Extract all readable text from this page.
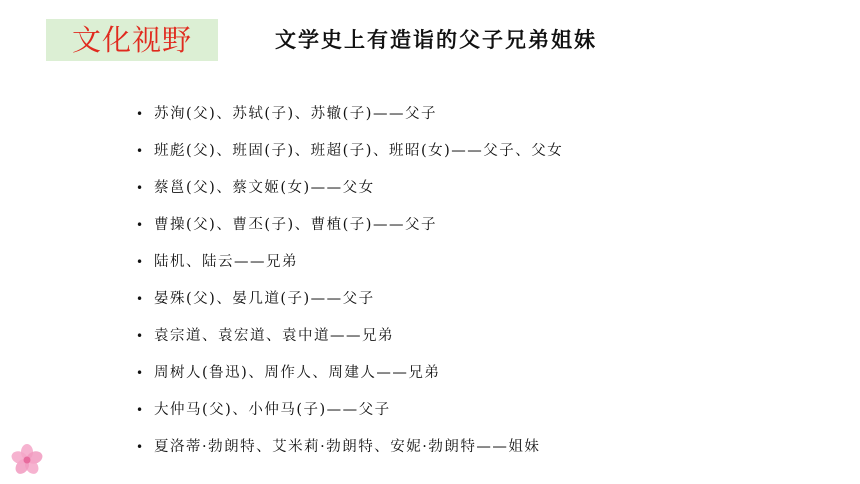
文化视野	文学史上有造诣的父子兄弟姐妹
• 苏洵(父)、苏轼(子)、苏辙(子)——父子
• 班彪(父)、班固(子)、班超(子)、班昭(女)——父子、父女
• 蔡邕(父)、蔡文姬(女)——父女
• 曹操(父)、曹丕(子)、曹植(子)——父子
• 陆机、陆云——兄弟
• 晏殊(父)、晏几道(子)——父子
• 袁宗道、袁宏道、袁中道——兄弟
• 周树人(鲁迅)、周作人、周建人——兄弟
• 大仲马(父)、小仲马(子)——父子
• 夏洛蒂·勃朗特、艾米莉·勃朗特、安妮·勃朗特——姐妹
